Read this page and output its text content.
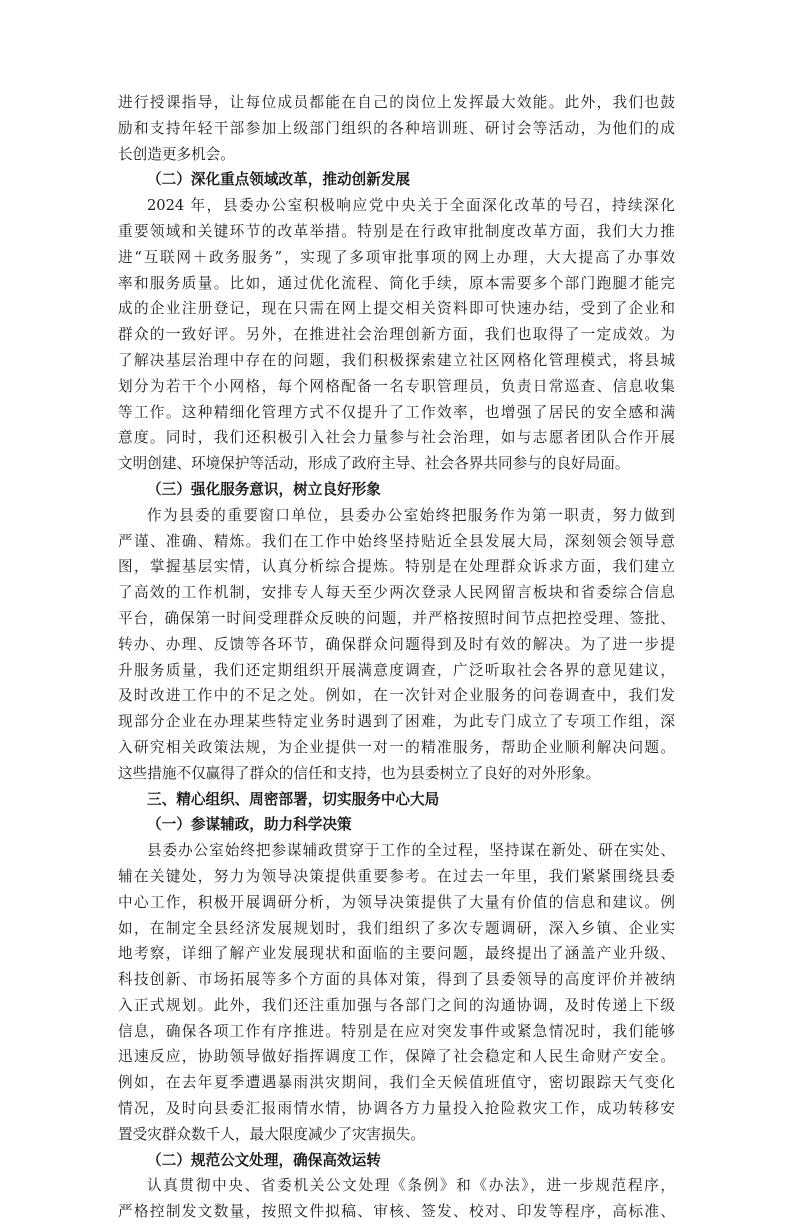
进行授课指导，让每位成员都能在自己的岗位上发挥最大效能。此外，我们也鼓
励和支持年轻干部参加上级部门组织的各种培训班、研讨会等活动，为他们的成
长创造更多机会。
（二）深化重点领域改革，推动创新发展
2024 年，县委办公室积极响应党中央关于全面深化改革的号召，持续深化
重要领域和关键环节的改革举措。特别是在行政审批制度改革方面，我们大力推
进“互联网＋政务服务”，实现了多项审批事项的网上办理，大大提高了办事效
率和服务质量。比如，通过优化流程、简化手续，原本需要多个部门跑腿才能完
成的企业注册登记，现在只需在网上提交相关资料即可快速办结，受到了企业和
群众的一致好评。另外，在推进社会治理创新方面，我们也取得了一定成效。为
了解决基层治理中存在的问题，我们积极探索建立社区网格化管理模式，将县城
划分为若干个小网格，每个网格配备一名专职管理员，负责日常巡查、信息收集
等工作。这种精细化管理方式不仅提升了工作效率，也增强了居民的安全感和满
意度。同时，我们还积极引入社会力量参与社会治理，如与志愿者团队合作开展
文明创建、环境保护等活动，形成了政府主导、社会各界共同参与的良好局面。
（三）强化服务意识，树立良好形象
作为县委的重要窗口单位，县委办公室始终把服务作为第一职责，努力做到
严谨、准确、精炼。我们在工作中始终坚持贴近全县发展大局，深刻领会领导意
图，掌握基层实情，认真分析综合提炼。特别是在处理群众诉求方面，我们建立
了高效的工作机制，安排专人每天至少两次登录人民网留言板块和省委综合信息
平台，确保第一时间受理群众反映的问题，并严格按照时间节点把控受理、签批、
转办、办理、反馈等各环节，确保群众问题得到及时有效的解决。为了进一步提
升服务质量，我们还定期组织开展满意度调查，广泛听取社会各界的意见建议，
及时改进工作中的不足之处。例如，在一次针对企业服务的问卷调查中，我们发
现部分企业在办理某些特定业务时遇到了困难，为此专门成立了专项工作组，深
入研究相关政策法规，为企业提供一对一的精准服务，帮助企业顺利解决问题。
这些措施不仅赢得了群众的信任和支持，也为县委树立了良好的对外形象。
三、精心组织、周密部署，切实服务中心大局
（一）参谋辅政，助力科学决策
县委办公室始终把参谋辅政贯穿于工作的全过程，坚持谋在新处、研在实处、
辅在关键处，努力为领导决策提供重要参考。在过去一年里，我们紧紧围绕县委
中心工作，积极开展调研分析，为领导决策提供了大量有价值的信息和建议。例
如，在制定全县经济发展规划时，我们组织了多次专题调研，深入乡镇、企业实
地考察，详细了解产业发展现状和面临的主要问题，最终提出了涵盖产业升级、
科技创新、市场拓展等多个方面的具体对策，得到了县委领导的高度评价并被纳
入正式规划。此外，我们还注重加强与各部门之间的沟通协调，及时传递上下级
信息，确保各项工作有序推进。特别是在应对突发事件或紧急情况时，我们能够
迅速反应，协助领导做好指挥调度工作，保障了社会稳定和人民生命财产安全。
例如，在去年夏季遭遇暴雨洪灾期间，我们全天候值班值守，密切跟踪天气变化
情况，及时向县委汇报雨情水情，协调各方力量投入抢险救灾工作，成功转移安
置受灾群众数千人，最大限度减少了灾害损失。
（二）规范公文处理，确保高效运转
认真贯彻中央、省委机关公文处理《条例》和《办法》，进一步规范程序，
严格控制发文数量，按照文件拟稿、审核、签发、校对、印发等程序，高标准、
